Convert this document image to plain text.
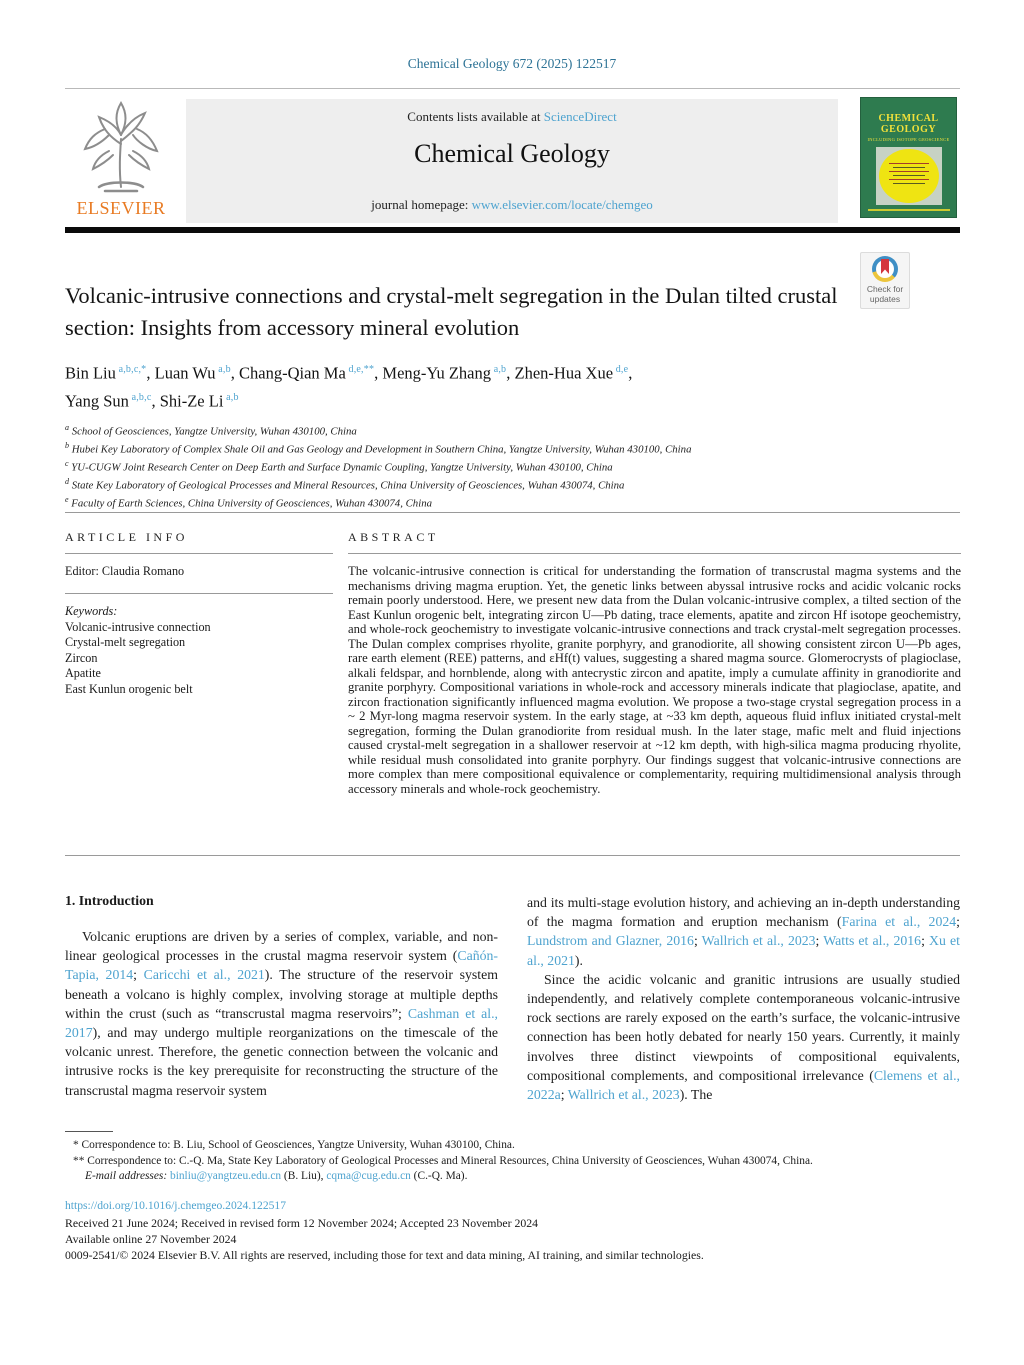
Chemical Geology 672 (2025) 122517
ELSEVIER
Contents lists available at ScienceDirect
Chemical Geology
journal homepage: www.elsevier.com/locate/chemgeo
CHEMICAL
GEOLOGY
INCLUDING ISOTOPE GEOSCIENCE
Check for
updates
Volcanic-intrusive connections and crystal-melt segregation in the Dulan tilted crustal section: Insights from accessory mineral evolution
Bin Liu $^{a,b,c,*}$, Luan Wu $^{a,b}$, Chang-Qian Ma $^{d,e,**}$, Meng-Yu Zhang $^{a,b}$, Zhen-Hua Xue $^{d,e}$,
Yang Sun $^{a,b,c}$, Shi-Ze Li $^{a,b}$
$^a$ School of Geosciences, Yangtze University, Wuhan 430100, China
$^b$ Hubei Key Laboratory of Complex Shale Oil and Gas Geology and Development in Southern China, Yangtze University, Wuhan 430100, China
$^c$ YU-CUGW Joint Research Center on Deep Earth and Surface Dynamic Coupling, Yangtze University, Wuhan 430100, China
$^d$ State Key Laboratory of Geological Processes and Mineral Resources, China University of Geosciences, Wuhan 430074, China
$^e$ Faculty of Earth Sciences, China University of Geosciences, Wuhan 430074, China
ARTICLE INFO
Editor: Claudia Romano
Keywords:
Volcanic-intrusive connection
Crystal-melt segregation
Zircon
Apatite
East Kunlun orogenic belt
ABSTRACT
The volcanic-intrusive connection is critical for understanding the formation of transcrustal magma systems and the mechanisms driving magma eruption. Yet, the genetic links between abyssal intrusive rocks and acidic volcanic rocks remain poorly understood. Here, we present new data from the Dulan volcanic-intrusive complex, a tilted section of the East Kunlun orogenic belt, integrating zircon U—Pb dating, trace elements, apatite and zircon Hf isotope geochemistry, and whole-rock geochemistry to investigate volcanic-intrusive connections and track crystal-melt segregation processes. The Dulan complex comprises rhyolite, granite porphyry, and granodiorite, all showing consistent zircon U—Pb ages, rare earth element (REE) patterns, and εHf(t) values, suggesting a shared magma source. Glomerocrysts of plagioclase, alkali feldspar, and hornblende, along with antecrystic zircon and apatite, imply a cumulate affinity in granodiorite and granite porphyry. Compositional variations in whole-rock and accessory minerals indicate that plagioclase, apatite, and zircon fractionation significantly influenced magma evolution. We propose a two-stage crystal segregation process in a ~ 2 Myr-long magma reservoir system. In the early stage, at ~33 km depth, aqueous fluid influx initiated crystal-melt segregation, forming the Dulan granodiorite from residual mush. In the later stage, mafic melt and fluid injections caused crystal-melt segregation in a shallower reservoir at ~12 km depth, with high-silica magma producing rhyolite, while residual mush consolidated into granite porphyry. Our findings suggest that volcanic-intrusive connections are more complex than mere compositional equivalence or complementarity, requiring multidimensional analysis through accessory minerals and whole-rock geochemistry.
1. Introduction
Volcanic eruptions are driven by a series of complex, variable, and non-linear geological processes in the crustal magma reservoir system (Cañón-Tapia, 2014; Caricchi et al., 2021). The structure of the reservoir system beneath a volcano is highly complex, involving storage at multiple depths within the crust (such as “transcrustal magma reservoirs”; Cashman et al., 2017), and may undergo multiple reorganizations on the timescale of the volcanic unrest. Therefore, the genetic connection between the volcanic and intrusive rocks is the key prerequisite for reconstructing the structure of the transcrustal magma reservoir system
and its multi-stage evolution history, and achieving an in-depth understanding of the magma formation and eruption mechanism (Farina et al., 2024; Lundstrom and Glazner, 2016; Wallrich et al., 2023; Watts et al., 2016; Xu et al., 2021).
Since the acidic volcanic and granitic intrusions are usually studied independently, and relatively complete contemporaneous volcanic-intrusive rock sections are rarely exposed on the earth’s surface, the volcanic-intrusive connection has been hotly debated for nearly 150 years. Currently, it mainly involves three distinct viewpoints of compositional equivalents, compositional complements, and compositional irrelevance (Clemens et al., 2022a; Wallrich et al., 2023). The
* Correspondence to: B. Liu, School of Geosciences, Yangtze University, Wuhan 430100, China.
** Correspondence to: C.-Q. Ma, State Key Laboratory of Geological Processes and Mineral Resources, China University of Geosciences, Wuhan 430074, China.
E-mail addresses: binliu@yangtzeu.edu.cn (B. Liu), cqma@cug.edu.cn (C.-Q. Ma).
https://doi.org/10.1016/j.chemgeo.2024.122517
Received 21 June 2024; Received in revised form 12 November 2024; Accepted 23 November 2024
Available online 27 November 2024
0009-2541/© 2024 Elsevier B.V. All rights are reserved, including those for text and data mining, AI training, and similar technologies.
